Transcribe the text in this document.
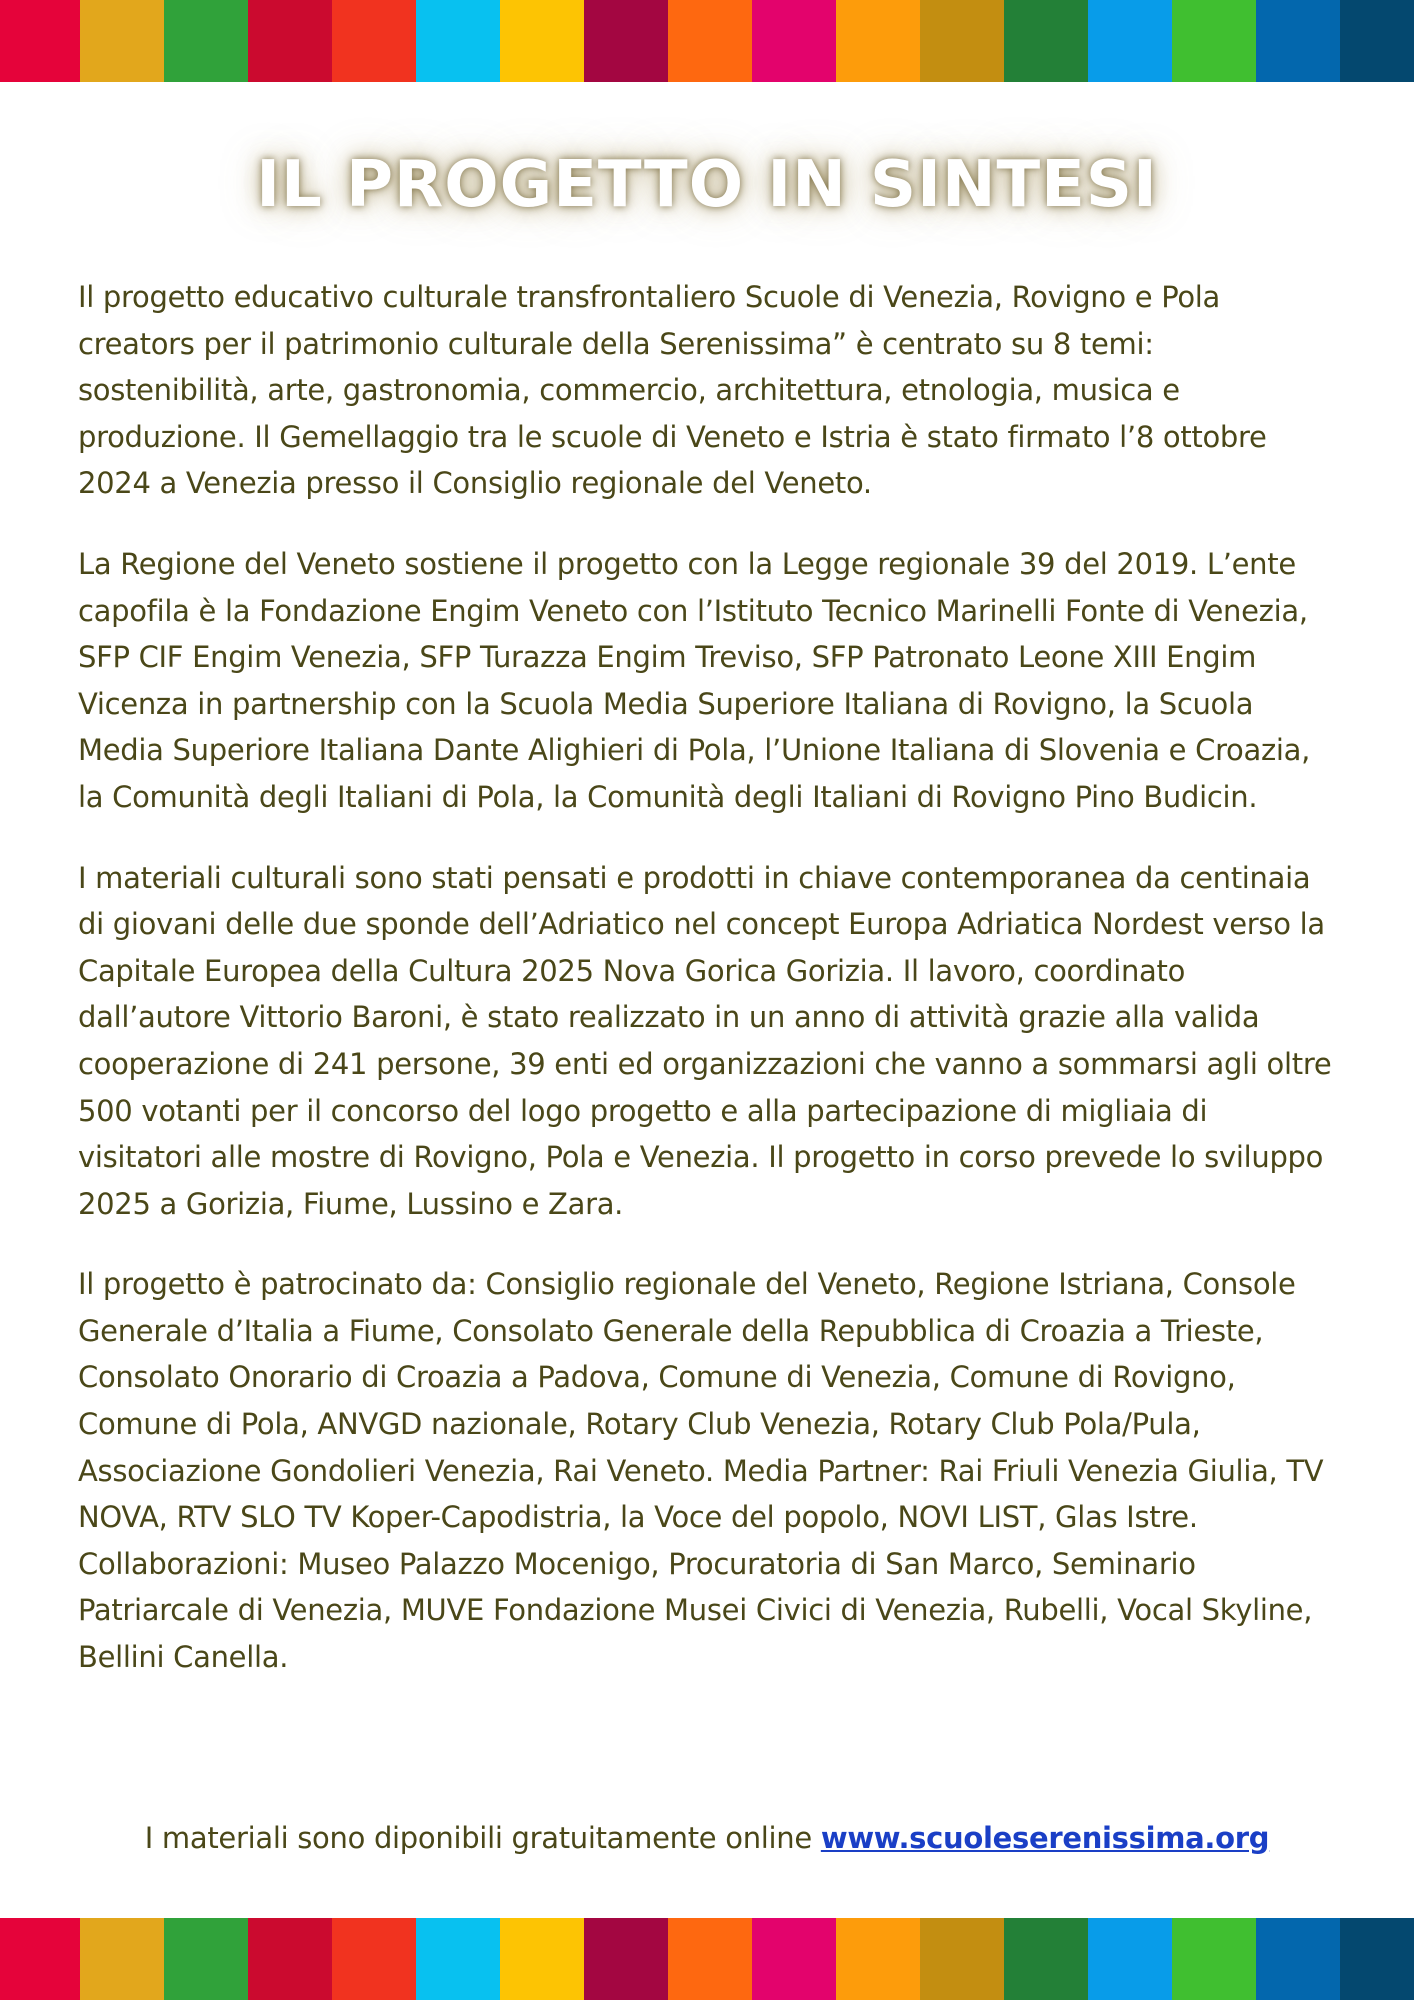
IL PROGETTO IN SINTESI

Il progetto educativo culturale transfrontaliero Scuole di Venezia, Rovigno e Pola creators per il patrimonio culturale della Serenissima” è centrato su 8 temi: sostenibilità, arte, gastronomia, commercio, architettura, etnologia, musica e produzione. Il Gemellaggio tra le scuole di Veneto e Istria è stato firmato l’8 ottobre 2024 a Venezia presso il Consiglio regionale del Veneto.

La Regione del Veneto sostiene il progetto con la Legge regionale 39 del 2019. L’ente capofila è la Fondazione Engim Veneto con l’Istituto Tecnico Marinelli Fonte di Venezia, SFP CIF Engim Venezia, SFP Turazza Engim Treviso, SFP Patronato Leone XIII Engim Vicenza in partnership con la Scuola Media Superiore Italiana di Rovigno, la Scuola Media Superiore Italiana Dante Alighieri di Pola, l’Unione Italiana di Slovenia e Croazia, la Comunità degli Italiani di Pola, la Comunità degli Italiani di Rovigno Pino Budicin.

I materiali culturali sono stati pensati e prodotti in chiave contemporanea da centinaia di giovani delle due sponde dell’Adriatico nel concept Europa Adriatica Nordest verso la Capitale Europea della Cultura 2025 Nova Gorica Gorizia. Il lavoro, coordinato dall’autore Vittorio Baroni, è stato realizzato in un anno di attività grazie alla valida cooperazione di 241 persone, 39 enti ed organizzazioni che vanno a sommarsi agli oltre 500 votanti per il concorso del logo progetto e alla partecipazione di migliaia di visitatori alle mostre di Rovigno, Pola e Venezia. Il progetto in corso prevede lo sviluppo 2025 a Gorizia, Fiume, Lussino e Zara.

Il progetto è patrocinato da: Consiglio regionale del Veneto, Regione Istriana, Console Generale d’Italia a Fiume, Consolato Generale della Repubblica di Croazia a Trieste, Consolato Onorario di Croazia a Padova, Comune di Venezia, Comune di Rovigno, Comune di Pola, ANVGD nazionale, Rotary Club Venezia, Rotary Club Pola/Pula, Associazione Gondolieri Venezia, Rai Veneto. Media Partner: Rai Friuli Venezia Giulia, TV NOVA, RTV SLO TV Koper-Capodistria, la Voce del popolo, NOVI LIST, Glas Istre. Collaborazioni: Museo Palazzo Mocenigo, Procuratoria di San Marco, Seminario Patriarcale di Venezia, MUVE Fondazione Musei Civici di Venezia, Rubelli, Vocal Skyline, Bellini Canella.

I materiali sono diponibili gratuitamente online www.scuoleserenissima.org
